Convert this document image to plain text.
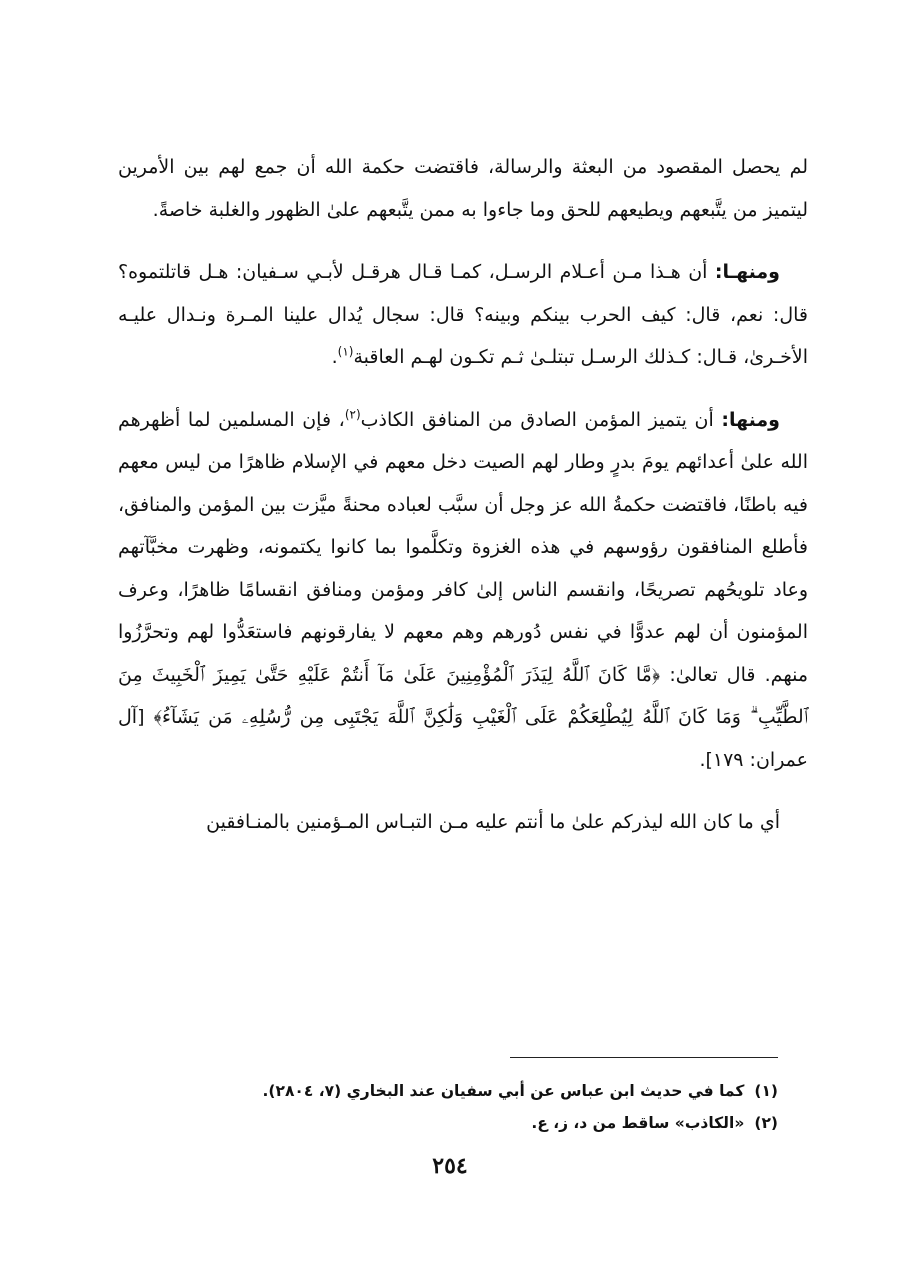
لم يحصل المقصود من البعثة والرسالة، فاقتضت حكمة الله أن جمع لهم بين الأمرين ليتميز من يتَّبعهم ويطيعهم للحق وما جاءوا به ممن يتَّبعهم علىٰ الظهور والغلبة خاصةً.

ومنهـا: أن هـذا مـن أعـلام الرسـل، كمـا قـال هرقـل لأبـي سـفيان: هـل قاتلتموه؟ قال: نعم، قال: كيف الحرب بينكم وبينه؟ قال: سجال يُدال علينا المـرة ونـدال عليـه الأخـرىٰ، قـال: كـذلك الرسـل تبتلـىٰ ثـم تكـون لهـم العاقبة$^{(١)}$.

ومنها: أن يتميز المؤمن الصادق من المنافق الكاذب$^{(٢)}$، فإن المسلمين لما أظهرهم الله علىٰ أعدائهم يومَ بدرٍ وطار لهم الصيت دخل معهم في الإسلام ظاهرًا من ليس معهم فيه باطنًا، فاقتضت حكمةُ الله عز وجل أن سبَّب لعباده محنةً ميَّزت بين المؤمن والمنافق، فأطلع المنافقون رؤوسهم في هذه الغزوة وتكلَّموا بما كانوا يكتمونه، وظهرت مخبَّآتهم وعاد تلويحُهم تصريحًا، وانقسم الناس إلىٰ كافر ومؤمن ومنافق انقسامًا ظاهرًا، وعرف المؤمنون أن لهم عدوًّا في نفس دُورهم وهم معهم لا يفارقونهم فاستعَدُّوا لهم وتحرَّزُوا منهم. قال تعالىٰ: ﴿مَّا كَانَ ٱللَّهُ لِيَذَرَ ٱلْمُؤْمِنِينَ عَلَىٰ مَآ أَنتُمْ عَلَيْهِ حَتَّىٰ يَمِيزَ ٱلْخَبِيثَ مِنَ ٱلطَّيِّبِ ۗ وَمَا كَانَ ٱللَّهُ لِيُطْلِعَكُمْ عَلَى ٱلْغَيْبِ وَلَٰكِنَّ ٱللَّهَ يَجْتَبِى مِن رُّسُلِهِۦ مَن يَشَآءُ﴾ [آل عمران: ١٧٩].

أي ما كان الله ليذركم علىٰ ما أنتم عليه مـن التبـاس المـؤمنين بالمنـافقين

(١)كما في حديث ابن عباس عن أبي سفيان عند البخاري (٧، ٢٨٠٤).

(٢)«الكاذب» ساقط من د، ز، ع.

٢٥٤
